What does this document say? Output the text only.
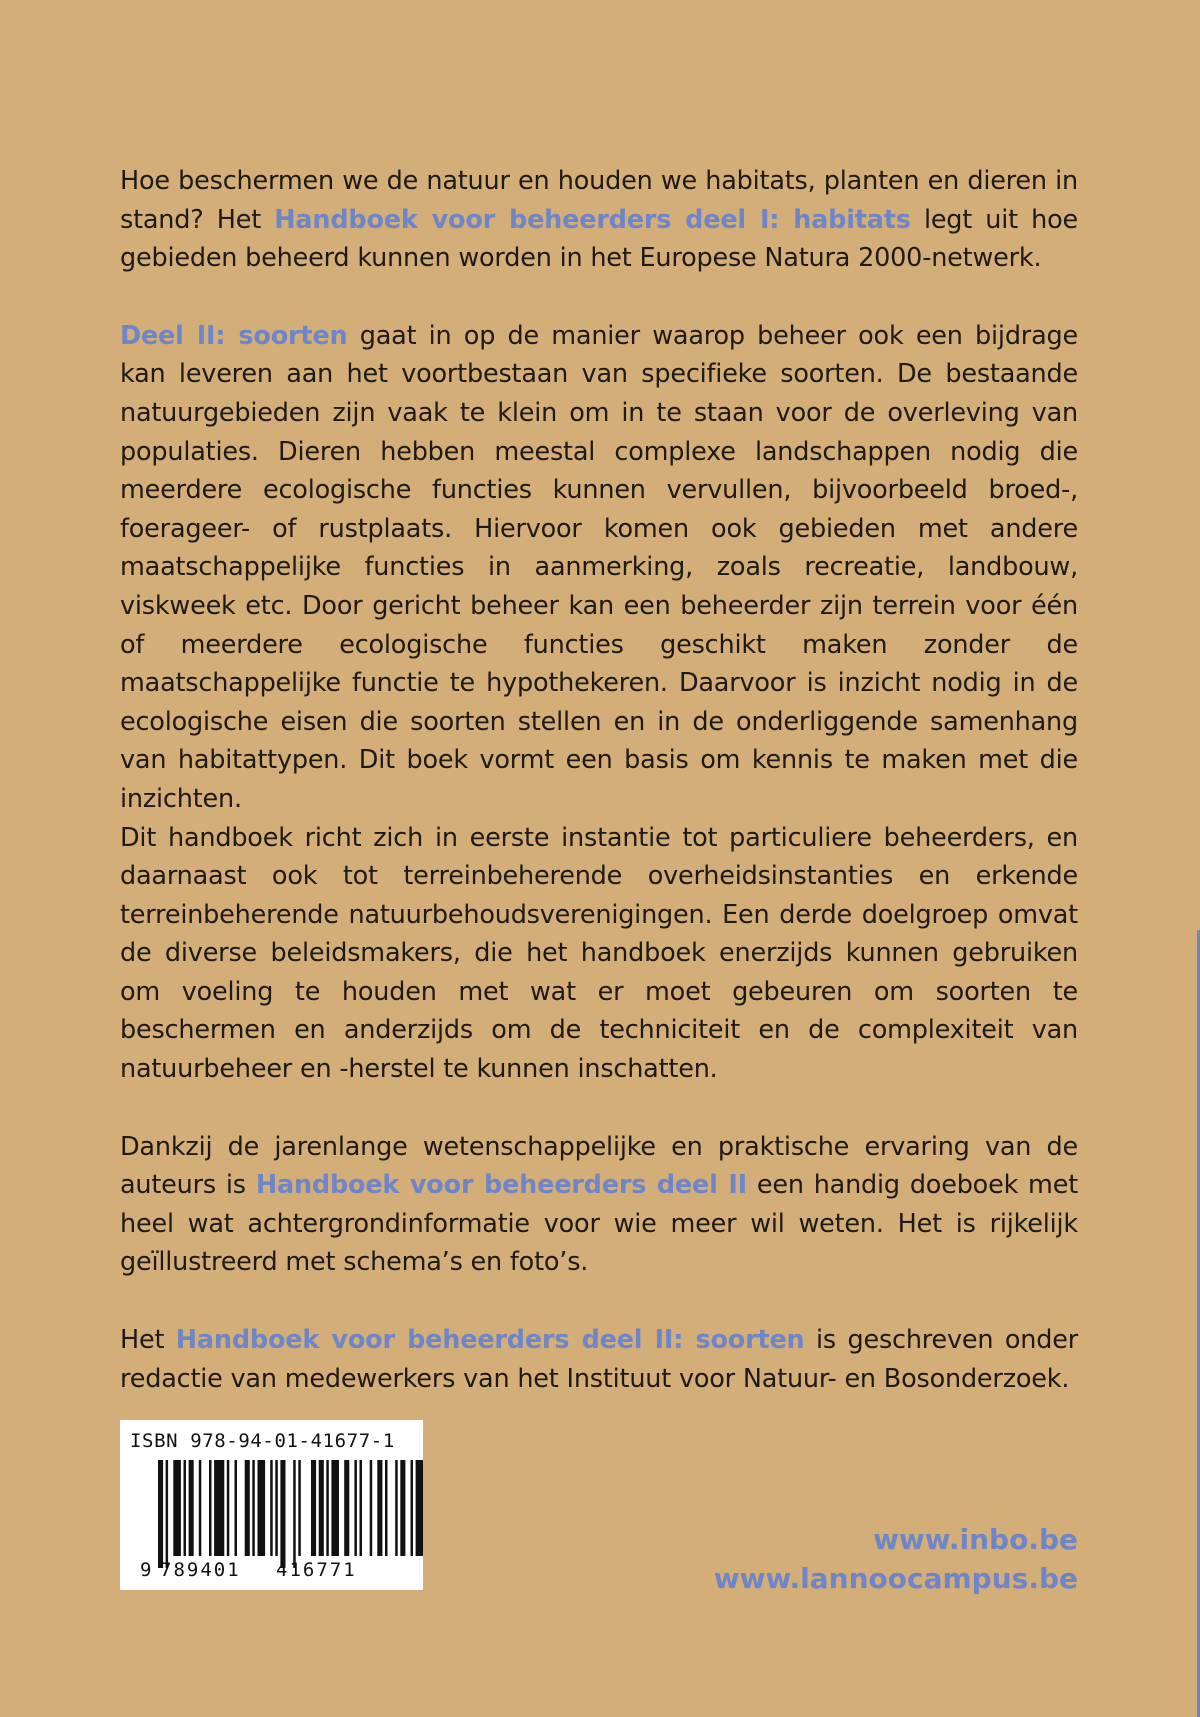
Hoe beschermen we de natuur en houden we habitats, planten en dieren in stand? Het Handboek voor beheerders deel I: habitats legt uit hoe gebieden beheerd kunnen worden in het Europese Natura 2000-netwerk.

Deel II: soorten gaat in op de manier waarop beheer ook een bijdrage kan leveren aan het voortbestaan van specifieke soorten. De bestaande natuurgebieden zijn vaak te klein om in te staan voor de overleving van populaties. Dieren hebben meestal complexe landschappen nodig die meerdere ecologische functies kunnen vervullen, bijvoorbeeld broed-, foerageer- of rustplaats. Hiervoor komen ook gebieden met andere maatschappelijke functies in aanmerking, zoals recreatie, landbouw, viskweek etc. Door gericht beheer kan een beheerder zijn terrein voor één of meerdere ecologische functies geschikt maken zonder de maatschappelijke functie te hypothekeren. Daarvoor is inzicht nodig in de ecologische eisen die soorten stellen en in de onderliggende samenhang van habitattypen. Dit boek vormt een basis om kennis te maken met die inzichten.

Dit handboek richt zich in eerste instantie tot particuliere beheerders, en daarnaast ook tot terreinbeherende overheidsinstanties en erkende terreinbeherende natuurbehoudsverenigingen. Een derde doelgroep omvat de diverse beleidsmakers, die het handboek enerzijds kunnen gebruiken om voeling te houden met wat er moet gebeuren om soorten te beschermen en anderzijds om de techniciteit en de complexiteit van natuurbeheer en -herstel te kunnen inschatten.

Dankzij de jarenlange wetenschappelijke en praktische ervaring van de auteurs is Handboek voor beheerders deel II een handig doeboek met heel wat achtergrondinformatie voor wie meer wil weten. Het is rijkelijk geïllustreerd met schema’s en foto’s.

Het Handboek voor beheerders deel II: soorten is geschreven onder redactie van medewerkers van het Instituut voor Natuur- en Bosonderzoek.

ISBN 978-94-01-41677-1
9 789401 416771
www.inbo.be
www.lannoocampus.be
